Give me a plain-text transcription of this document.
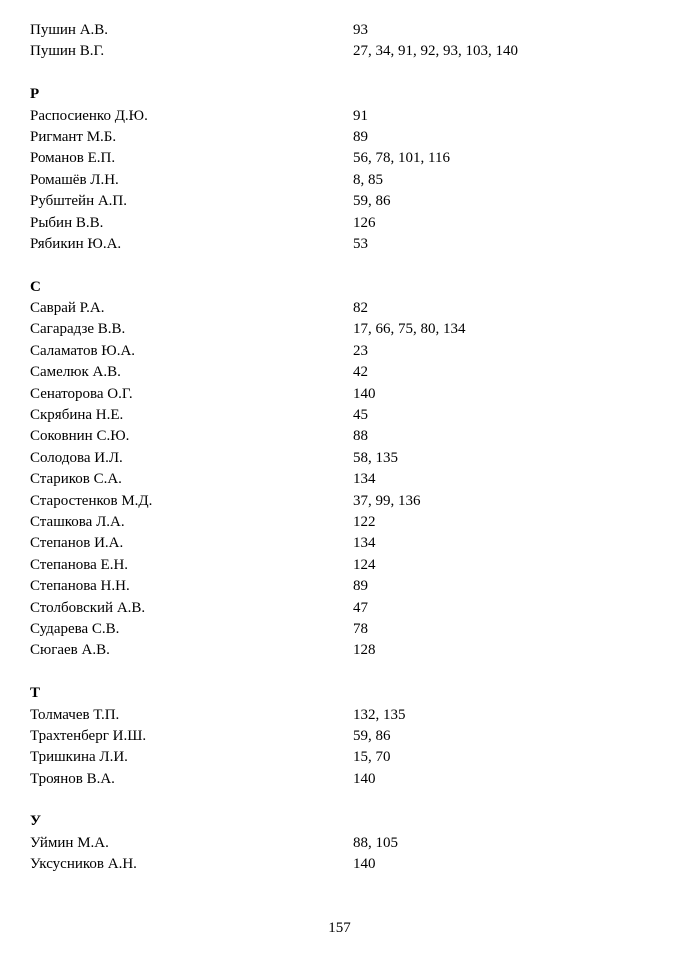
Пушин А.В.	93
Пушин В.Г.	27, 34, 91, 92, 93, 103, 140
Р
Распосиенко Д.Ю.	91
Ригмант М.Б.	89
Романов Е.П.	56, 78, 101, 116
Ромашёв Л.Н.	8, 85
Рубштейн А.П.	59, 86
Рыбин В.В.	126
Рябикин Ю.А.	53
С
Саврай Р.А.	82
Сагарадзе В.В.	17, 66, 75, 80, 134
Саламатов Ю.А.	23
Самелюк А.В.	42
Сенаторова О.Г.	140
Скрябина Н.Е.	45
Соковнин С.Ю.	88
Солодова И.Л.	58, 135
Стариков С.А.	134
Старостенков М.Д.	37, 99, 136
Сташкова Л.А.	122
Степанов И.А.	134
Степанова Е.Н.	124
Степанова Н.Н.	89
Столбовский А.В.	47
Сударева С.В.	78
Сюгаев А.В.	128
Т
Толмачев Т.П.	132, 135
Трахтенберг И.Ш.	59, 86
Тришкина Л.И.	15, 70
Троянов В.А.	140
У
Уймин М.А.	88, 105
Уксусников А.Н.	140
157
